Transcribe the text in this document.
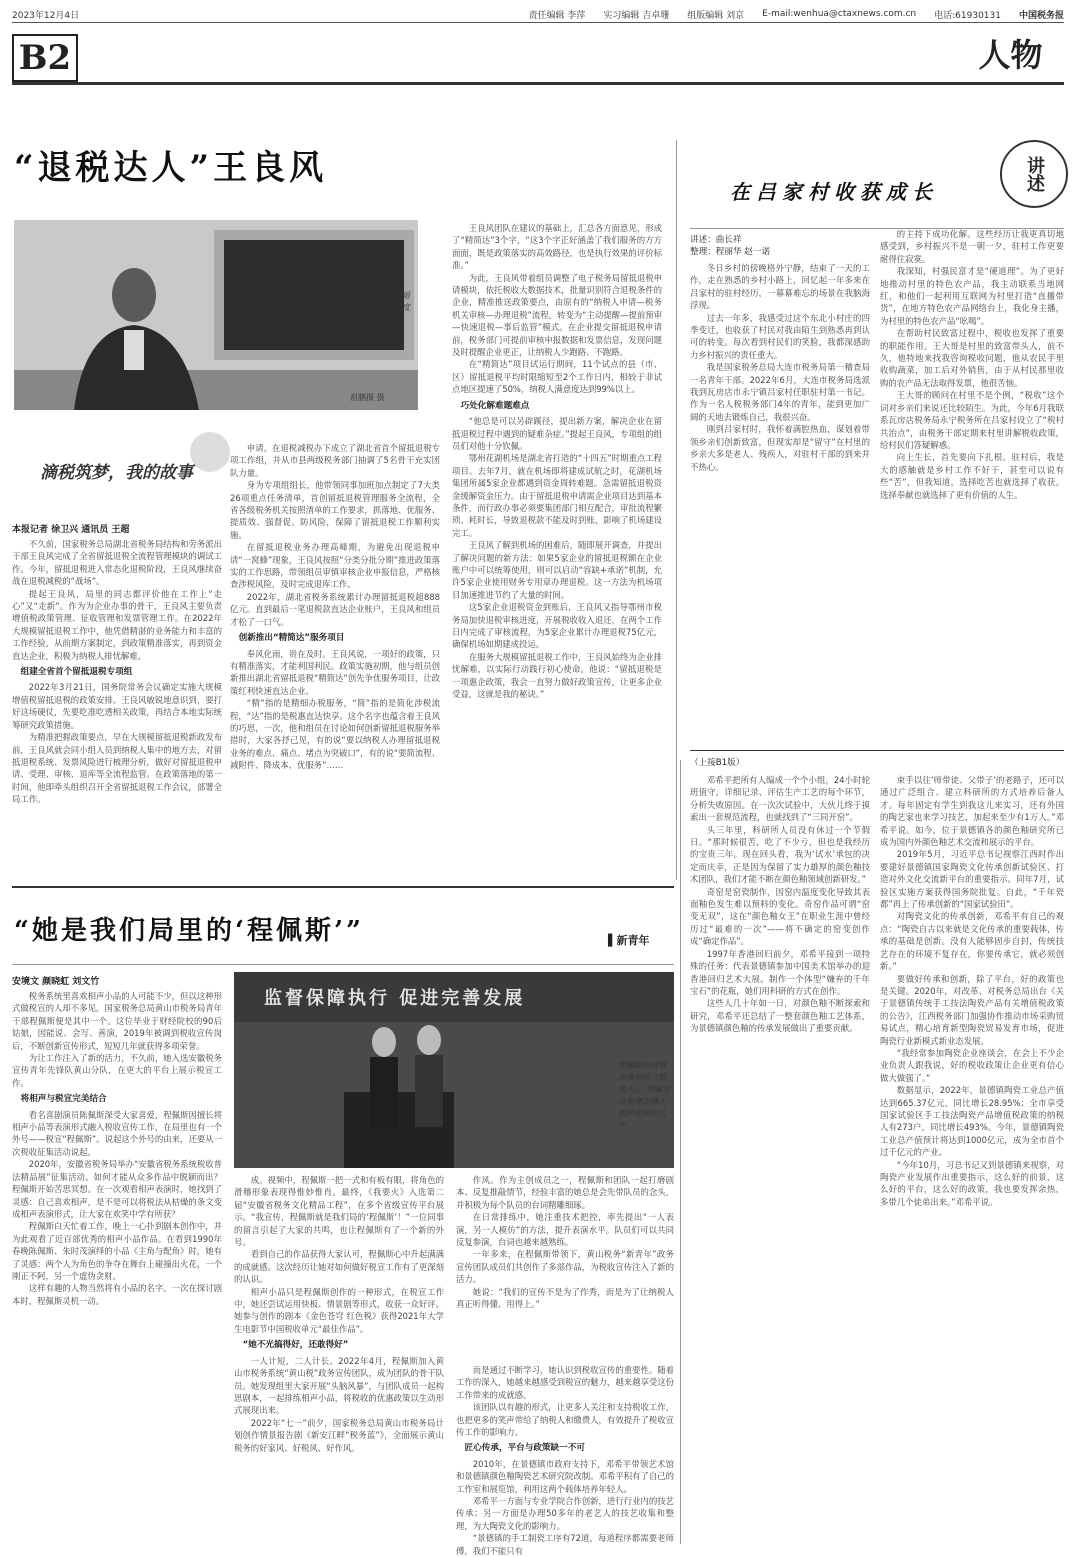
2023年12月4日	责任编辑 李萍 实习编辑 吉卓珊 组版编辑 刘京 E-mail:wenhua@ctaxnews.com.cn 电话:61930131 中国税务报
B2	人物
“退税达人”王良风
王良风正在负责留抵退税组织协调、统筹调度和政策解答工作。
祖鹏摄 摄
滴税筑梦，我的故事
本报记者 徐卫兴 通讯员 王超

不久前，国家税务总局湖北省税务局结构和劳务派出干部王良风完成了全省留抵退税全流程管理模块的调试工作。今年，留抵退税进入常态化退税阶段，王良风继续奋战在退税减税的“战场”。

提起王良风，局里的同志都评价他在工作上“走心”又“走新”。作为为企业办事的骨干，王良风主要负责增值税政策管理、征收管理和发票管理工作。在2022年大规模留抵退税工作中，他凭借精湛的业务能力和丰富的工作经验，从前期方案制定，到政策精准落实，再到资金直达企业，积极为纳税人排忧解难。

组建全省首个留抵退税专项组

2022年3月21日，国务院常务会议确定实施大规模增值税留抵退税的政策安排。王良风敏锐地意识到，要打好这场硬仗，先要吃准吃透相关政策，再结合本地实际统筹研究政策措施。

为精准把握政策要点，早在大规模留抵退税新政发布前，王良风就会同小组人员到纳税人集中的地方去，对留抵退税系统、发票风险进行梳理分析，做好对留抵退税申请、受理、审核、退库等全流程监管。在政策落地的第一时间，他即牵头组织召开全省留抵退税工作会议，部署全局工作。

申请。在退税减税办下成立了湖北省首个留抵退税专项工作组，并从市县两级税务部门抽调了5名骨干充实团队力量。

身为专项组组长，他带领同事加班加点制定了7大类26项重点任务清单，首创留抵退税管理服务全流程，全省各级税务机关按照清单的工作要求，抓落地、优服务、提质效、强督促、防风险，保障了留抵退税工作顺利实施。

在留抵退税业务办理高峰期，为避免出现退税申请“一窝蜂”现象，王良风按照“分类分批分期”推进政策落实的工作思路，带领组员审慎审核企业申报信息，严格核查涉税风险，及时完成退库工作。

2022年，湖北省税务系统累计办理留抵退税超888亿元。直到最后一笔退税款直达企业账户，王良风和组员才松了一口气。

创新推出“精简达”服务项目

奉风化雨，贵在及时。王良风说，一项好的政策，只有精准落实，才能利国利民。政策实施初期，他与组员创新推出湖北省留抵退税“精简达”创先争优服务项目，让政策红利快速直达企业。

“精”指的是精细办税服务，“简”指的是简化涉税流程，“达”指的是税惠直达快享。这个名字也蕴含着王良风的巧思，一次，他和组员在讨论如何创新留抵退税服务举措时，大家各抒己见，有的说“要以纳税人办理留抵退税业务的难点、痛点、堵点为突破口”，有的说“要简流程、减附件、降成本、优服务”……

王良风团队在建议的基础上，汇总各方面意见，形成了“精简达”3个字，“这3个字正好涵盖了我们服务的方方面面，既是政策落实的高效路径，也是执行效果的评价标准。”

为此，王良风带着组员调整了电子税务局留抵退税申请模块，依托税收大数据技术，批量识别符合退税条件的企业，精准推送政策要点，由原有的“纳税人申请—税务机关审核—办理退税”流程，转变为“主动提醒—提前预审—快速退税—事后监管”模式。在企业提交留抵退税申请前，税务部门可提前审核申报数据和发票信息，发现问题及时提醒企业更正，让纳税人少跑路、不跑路。

在“精简达”项目试运行期间，11个试点的县（市、区）留抵退税平均时限缩短至2个工作日内，相较于非试点地区提速了50%，纳税人满意度达到99%以上。

巧处化解难题难点

“他总是可以另辟蹊径，提出新方案，解决企业在留抵退税过程中遇到的疑难杂症。”提起王良风，专项组的组员们对他十分钦佩。

鄂州花湖机场是湖北省打造的“十四五”时期重点工程项目。去年7月，就在机场即将建成试航之时，花湖机场集团所属5家企业都遇到资金周转难题。急需留抵退税资金缓解资金压力。由于留抵退税申请需企业项目达到基本条件，而行政办事必须要集团部门相互配合，审批流程繁琐、耗时长，导致退税款不能及时到账，影响了机场建设完工。

王良风了解到机场的困难后，随即展开调查，并提出了解决问题的新方法：如果5家企业的留抵退税额在企业账户中可以统筹使用，则可以启动“容缺+承诺”机制，允许5家企业使用财务专用章办理退税。这一方法为机场项目加速推进节约了大量的时间。

这5家企业退税资金到账后，王良风又指导鄂州市税务局加快退税审核进度，开展税收收入退还，在两个工作日内完成了审核流程，为5家企业累计办理退税75亿元，确保机场如期建成投运。

在服务大规模留抵退税工作中，王良风始终为企业排忧解难，以实际行动践行初心使命。他说：“留抵退税是一项惠企政策，我会一直努力做好政策宣传，让更多企业受益，这就是我的秘诀。”

在吕家村收获成长	讲述
讲述：曲长祥
整理：程丽华 赵一诺

冬日乡村的傍晚格外宁静，结束了一天的工作，走在熟悉的乡村小路上，回忆起一年多来在吕家村的驻村经历，一幕幕难忘的场景在我脑海浮现。

过去一年多，我感受过这个东北小村庄的四季变迁，也收获了村民对我由陌生到熟悉再到认可的转变。每次看到村民们的笑脸，我都深感助力乡村振兴的责任重大。

我是国家税务总局大连市税务局第一稽查局一名青年干部。2022年6月，大连市税务局选派我到瓦房店市永宁镇吕家村任职驻村第一书记。作为一名人税税务部门4年的青年，能到更加广阔的天地去锻炼自己，我很兴奋。

刚到吕家村时，我怀着满腔热血，谋划着带领乡亲们创新致富，但现实却是“留守”在村里的乡亲大多是老人、残疾人，对驻村干部的到来并不热心。

的主持下成功化解。这些经历让我更真切地感受到，乡村振兴不是一朝一夕，驻村工作更要耐得住寂寞。

我深知，村强民富才是“硬道理”。为了更好地推动村里的特色农产品，我主动联系当地网红，和他们一起利用互联网为村里打造“直播带货”，在地方特色农产品网络台上，我化身主播，为村里的特色农产品“吆喝”。

在帮助村民致富过程中，税收也发挥了重要的职能作用。王大哥是村里的致富带头人，前不久，他特地来找我咨询税收问题，他从农民手里收购蔬菜，加工后对外销售，由于从村民那里收购的农产品无法取得发票，他很苦恼。

王大哥的顾问在村里不是个例，“税收”这个词对乡亲们来说还比较陌生。为此，今年6月我联系瓦房店税务局永宁税务所在吕家村设立了“税村共治点”，由税务干部定期来村里讲解税收政策，给村民们答疑解惑。

向上生长，首先要向下扎根。驻村后，我是大的感触就是乡村工作不好干，甚至可以说有些“苦”，但我知道，选择吃苦也就选择了收获。选择奉献也就选择了更有价值的人生。

（上接B1版）

邓希平把所有人编成一个个小组，24小时轮班值守，详细记录、评估生产工艺的每个环节，分析失败原因。在一次次试验中，大伙儿终于摸索出一套规范流程，也就找到了“三同开窑”。

头三年里，科研所人员没有休过一个节假日。“那时候很苦，吃了不少亏，但也是我经历的宝贵三年。现在回头看，我为‘试水’承包的决定而庆幸，正是因为保留了实力雄厚的颜色釉技术团队，我们才能不断在颜色釉领域创新研发。”

奇窑是窑瓷制作，因窑内温度变化导致其表面釉色发生难以预料的变化。奇窑作品可谓“窑变无双”，这在“颜色釉女王”在职业生涯中曾经历过“最难的一次”——将不确定的窑变创作成“确定作品”。

1997年香港回归前夕，邓希平接到一项特殊的任务：代表景德镇参加中国美术馆举办的迎香港回归艺术大展。制作一个体型“嫌弃的千年宝石”的花瓶，她们用科研的方式在创作。

这些人几十年如一日，对颜色釉不断探索和研究，邓希平还总结了一整套颜色釉工艺体系，为景德镇颜色釉的传承发展做出了重要贡献。

束手以往‘师带徒、父带子’的老路子，还可以通过广泛组合、建立科研所的方式培养后备人才。每年固定有学生到我这儿来实习，还有外国的陶艺家也来学习技艺，加起来至少有1万人。”邓希平说。如今，位于景德镇各的颜色釉研究所已成为国内外颜色釉艺术交流和展示的平台。

2019年5月，习近平总书记视察江西时作出要建好景德镇国家陶瓷文化传承创新试验区、打造对外文化交流新平台的重要指示。同年7月，试验区实施方案获得国务院批复。自此，“千年瓷都”再上了传承创新的“国家试验田”。

对陶瓷文化的传承创新，邓希平有自己的观点：“陶瓷自古以来就是文化传承的重要载体，传承的基础是创新。没有人能够固步自封，传统技艺存在的环境不复存在，你要传承它，就必须创新。”

要做好传承和创新，除了平台，好的政策也是关键。2020年，对改革、对税务总局出台《关于景德镇传统手工技法陶瓷产品有关增值税政策的公告》，江西税务部门加强协作推动市场采购贸易试点，精心培育新型陶瓷贸易发育市场，促进陶瓷行业新模式新业态发展。

“我经常参加陶瓷企业座谈会，在会上不少企业负责人跟我说，好的税收政策让企业更有信心做大做强了。”

数据显示，2022年，景德镇陶瓷工业总产值达到665.37亿元，同比增长28.95%；全市享受国家试验区手工技法陶瓷产品增值税政策的纳税人有273户，同比增长493%。今年，景德镇陶瓷工业总产值预计将达到1000亿元，成为全市首个过千亿元的产业。

“今年10月，习总书记又到景德镇来视察，对陶瓷产业发展作出重要指示，这么好的前景，这么好的平台，这么好的政策，我也要发挥余热，多带几个徒弟出来。”邓希平说。

“她是我们局里的‘程佩斯’”	▌新青年
安境文 颜晓虹 刘文竹

税务系统里喜欢相声小品的人可能不少，但以这种形式做税宣的人却不多见。国家税务总局黄山市税务局青年干部程佩斯便是其中一个。这位毕业于财经院校的90后姑娘，因能说、会写、善演，2019年被调到税收宣传岗后，不断创新宣传形式，短短几年就获得多项荣誉。

为让工作注入了新的活力，不久前，她入选安徽税务宣传青年先锋队黄山分队，在更大的平台上展示税宣工作。

将相声与税宣完美结合

看名喜剧演员陈佩斯深受大家喜爱，程佩斯因擅长将相声小品等表演形式融入税收宣传工作，在局里也有一个外号——税宣“程佩斯”。说起这个外号的由来，还要从一次税收征集活动说起。

2020年，安徽省税务局举办“安徽省税务系统税收普法精品展”征集活动。如何才能从众多作品中脱颖而出？程佩斯开始苦思冥想。在一次观看相声表演时，她找到了灵感：自己喜欢相声，是不是可以将税法从枯燥的条文变成相声表演形式，让大家在欢笑中学有所获？

程佩斯白天忙着工作，晚上一心扑到剧本创作中，并为此观看了近百部优秀的相声小品作品。在看到1990年春晚陈佩斯、朱时茂演绎的小品《主角与配角》时，她有了灵感：两个人为角色的争夺在舞台上碰撞出火花，一个刚正不阿，另一个虚伪贪财。

这样有趣的人物当然将有小品的名字。一次在探讨剧本时，程佩斯灵机一动。

监督保障执行 促进完善发展
程佩斯和同事表演相声《数卖人》，将廉洁从税理念融入相声表演形式中。

成。视频中，程佩斯一把一式和有板有眼，将角色的滑稽形象表现得惟妙惟肖。最终，《我要火》入选第二届“安徽省税务文化精品工程”，在多个省级宣传平台展示。“我宣传，程佩斯就是我们局的‘程佩斯’！”一位同事的留言引起了大家的共鸣，也让程佩斯有了一个新的外号。

看到自己的作品获得大家认可，程佩斯心中升起满满的成就感。这次经历让她对如何做好税宣工作有了更深刻的认识。

相声小品只是程佩斯创作的一种形式，在税宣工作中，她还尝试运用快板、情景剧等形式，收获一众好评。她参与创作的剧本《金色苍穹 红色税》获得2021年大学生电影节中国税收单元“最佳作品”。

“她不光搞得好，还敢得好”

一人计短，二人计长。2022年4月，程佩斯加入黄山市税务系统“黄山税”政务宣传团队，成为团队的骨干队员。她发现组里大家开展“头脑风暴”，与团队成员一起构思剧本，一起排练相声小品，将税收的优惠政策以生动形式展现出来。

2022年“七一”前夕，国家税务总局黄山市税务局计划创作情景报告剧《新安江畔“税务蓝”》，全面展示黄山税务的好家风、好税风、好作风。

作风。作为主创成员之一，程佩斯和团队一起打磨剧本、反复推敲情节，经验丰富的她总是会先带队员的念头，并积极为每个队员的台词精雕细琢。

在日常排练中，她注重技术把控，率先提出“一人表演，另一人模仿”的方法，提升表演水平。队员们可以共同反复参演，台词也越来越熟练。

一年多来，在程佩斯带领下，黄山税务“新青年”政务宣传团队成员们共创作了多部作品，为税收宣传注入了新的活力。

她说：“我们的宣传不是为了作秀，而是为了让纳税人真正听得懂、用得上。”

而是通过不断学习，她认识到税收宣传的重要性。随着工作的深入，她越来越感受到税宣的魅力，越来越享受这份工作带来的成就感。

该团队以有趣的形式，让更多人关注和支持税收工作，也把更多的笑声带给了纳税人和缴费人，有效提升了税收宣传工作的影响力。

匠心传承，平台与政策缺一不可

2010年，在景德镇市政府支持下，邓希平带领艺术馆和景德镇颜色釉陶瓷艺术研究院改制。邓希平积有了自己的工作室和展览馆，利用这两个载体培养年轻人。

邓希平一方面与专业学院合作创新，进行行业内的技艺传承；另一方面是办理50多年的老艺人的技艺收集和整理，为大陶瓷文化的影响力。

“景德镇的手工制瓷工序有72道，每道程序都需要老师傅，我们不能只有
